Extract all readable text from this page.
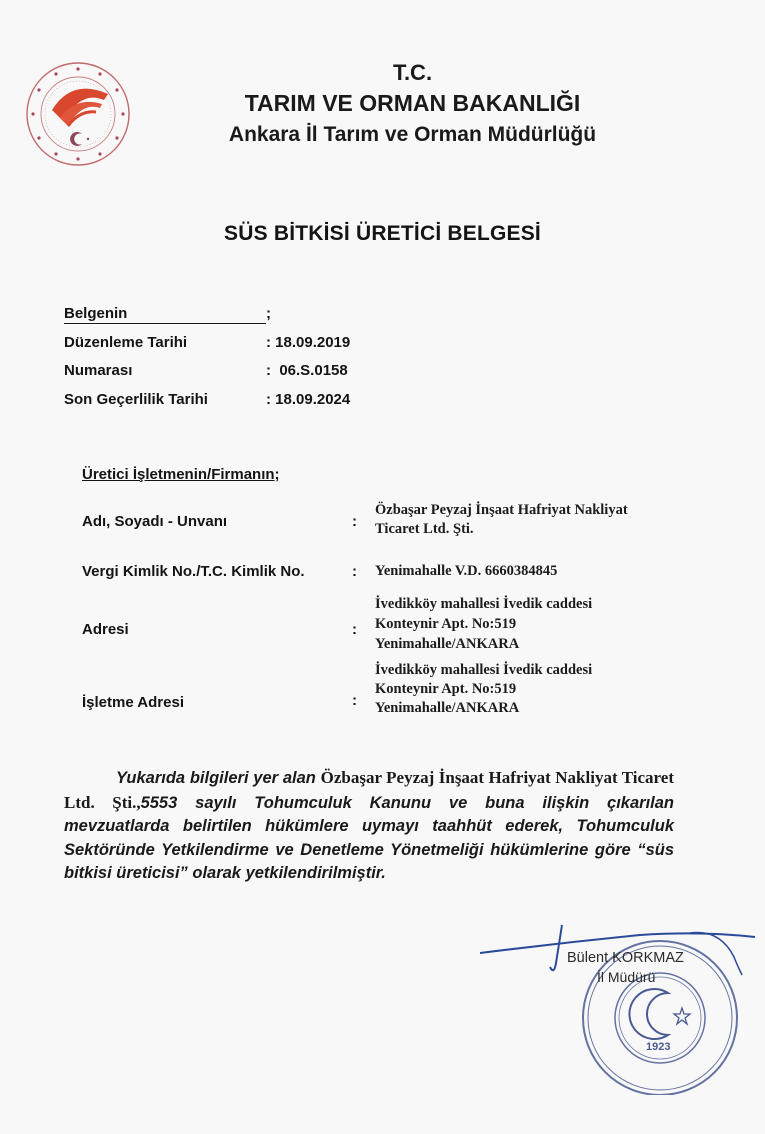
T.C.
TARIM VE ORMAN BAKANLIĞI
Ankara İl Tarım ve Orman Müdürlüğü
SÜS BİTKİSİ ÜRETİCİ BELGESİ
Belgenin	;
Düzenleme Tarihi	: 18.09.2019
Numarası	:  06.S.0158
Son Geçerlilik Tarihi	: 18.09.2024
Üretici İşletmenin/Firmanın;
Adı, Soyadı - Unvanı	:
Özbaşar Peyzaj İnşaat Hafriyat Nakliyat
Ticaret Ltd. Şti.
Vergi Kimlik No./T.C. Kimlik No.	: Yenimahalle V.D. 6660384845
Adresi	:
İvedikköy mahallesi İvedik caddesi
Konteynir Apt. No:519
Yenimahalle/ANKARA
İşletme Adresi	:
İvedikköy mahallesi İvedik caddesi
Konteynir Apt. No:519
Yenimahalle/ANKARA
Yukarıda bilgileri yer alan Özbaşar Peyzaj İnşaat Hafriyat Nakliyat Ticaret Ltd. Şti.,5553 sayılı Tohumculuk Kanunu ve buna ilişkin çıkarılan mevzuatlarda belirtilen hükümlere uymayı taahhüt ederek, Tohumculuk Sektöründe Yetkilendirme ve Denetleme Yönetmeliği hükümlerine göre “süs bitkisi üreticisi” olarak yetkilendirilmiştir.
1923
Bülent KORKMAZ
İl Müdürü
